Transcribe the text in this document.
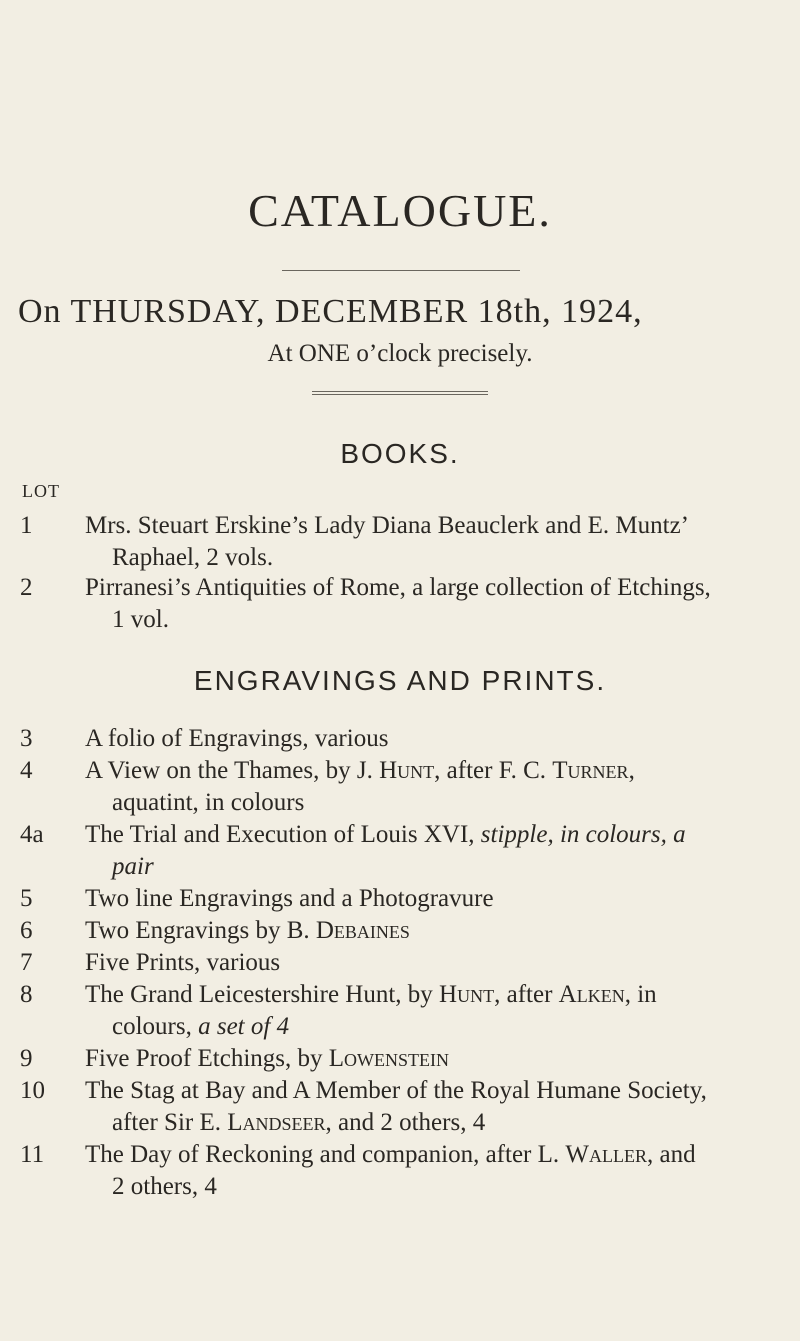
CATALOGUE.
On THURSDAY, DECEMBER 18th, 1924,
At ONE o’clock precisely.
BOOKS.
LOT
1	Mrs. Steuart Erskine’s Lady Diana Beauclerk and E. Muntz’
Raphael, 2 vols.
2	Pirranesi’s Antiquities of Rome, a large collection of Etchings,
1 vol.
ENGRAVINGS AND PRINTS.
3	A folio of Engravings, various
4	A View on the Thames, by J. Hunt, after F. C. Turner,
aquatint, in colours
4a	The Trial and Execution of Louis XVI, stipple, in colours, a
pair
5	Two line Engravings and a Photogravure
6	Two Engravings by B. Debaines
7	Five Prints, various
8	The Grand Leicestershire Hunt, by Hunt, after Alken, in
colours, a set of 4
9	Five Proof Etchings, by Lowenstein
10	The Stag at Bay and A Member of the Royal Humane Society,
after Sir E. Landseer, and 2 others, 4
11	The Day of Reckoning and companion, after L. Waller, and
2 others, 4
